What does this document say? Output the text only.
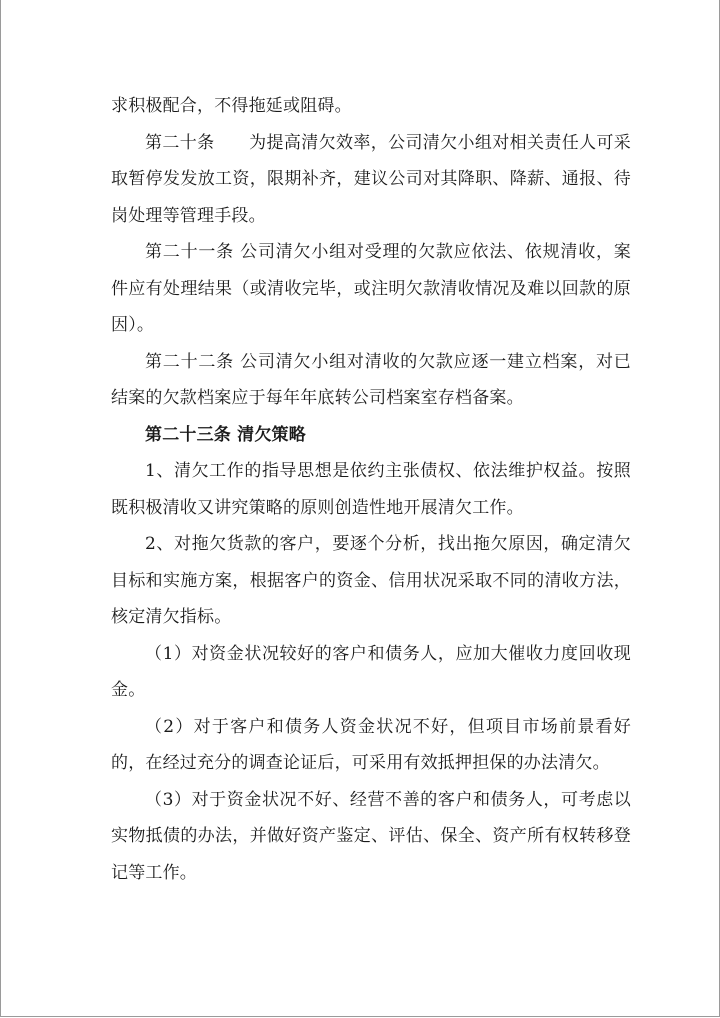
求积极配合，不得拖延或阻碍。

第二十条　　为提高清欠效率，公司清欠小组对相关责任人可采取暂停发发放工资，限期补齐，建议公司对其降职、降薪、通报、待岗处理等管理手段。

第二十一条 公司清欠小组对受理的欠款应依法、依规清收，案件应有处理结果（或清收完毕，或注明欠款清收情况及难以回款的原因）。

第二十二条 公司清欠小组对清收的欠款应逐一建立档案，对已结案的欠款档案应于每年年底转公司档案室存档备案。

第二十三条 清欠策略

1、清欠工作的指导思想是依约主张债权、依法维护权益。按照既积极清收又讲究策略的原则创造性地开展清欠工作。

2、对拖欠货款的客户，要逐个分析，找出拖欠原因，确定清欠目标和实施方案，根据客户的资金、信用状况采取不同的清收方法，核定清欠指标。

（1）对资金状况较好的客户和债务人，应加大催收力度回收现金。

（2）对于客户和债务人资金状况不好，但项目市场前景看好的，在经过充分的调查论证后，可采用有效抵押担保的办法清欠。

（3）对于资金状况不好、经营不善的客户和债务人，可考虑以实物抵债的办法，并做好资产鉴定、评估、保全、资产所有权转移登记等工作。
